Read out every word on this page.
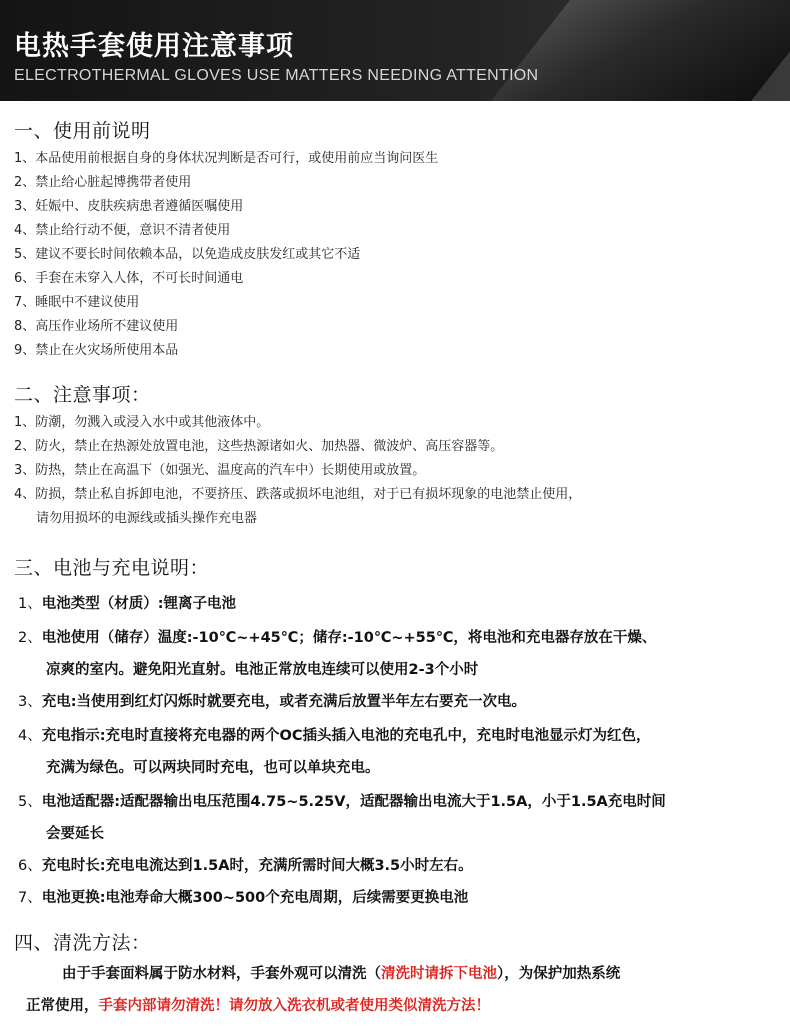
电热手套使用注意事项
ELECTROTHERMAL GLOVES USE MATTERS NEEDING ATTENTION
一、使用前说明
1、本品使用前根据自身的身体状况判断是否可行，或使用前应当询问医生
2、禁止给心脏起博携带者使用
3、妊娠中、皮肤疾病患者遵循医嘱使用
4、禁止给行动不便，意识不清者使用
5、建议不要长时间依赖本品，以免造成皮肤发红或其它不适
6、手套在未穿入人体，不可长时间通电
7、睡眠中不建议使用
8、高压作业场所不建议使用
9、禁止在火灾场所使用本品
二、注意事项：
1、防潮，勿溅入或浸入水中或其他液体中。
2、防火，禁止在热源处放置电池，这些热源诸如火、加热器、微波炉、高压容器等。
3、防热，禁止在高温下（如强光、温度高的汽车中）长期使用或放置。
4、防损，禁止私自拆卸电池，不要挤压、跌落或损坏电池组，对于已有损坏现象的电池禁止使用，
请勿用损坏的电源线或插头操作充电器
三、电池与充电说明：
1、电池类型（材质）:锂离子电池
2、电池使用（储存）温度:-10℃~+45℃；储存:-10℃~+55℃，将电池和充电器存放在干燥、
凉爽的室内。避免阳光直射。电池正常放电连续可以使用2-3个小时
3、充电:当使用到红灯闪烁时就要充电，或者充满后放置半年左右要充一次电。
4、充电指示:充电时直接将充电器的两个OC插头插入电池的充电孔中，充电时电池显示灯为红色，
充满为绿色。可以两块同时充电，也可以单块充电。
5、电池适配器:适配器输出电压范围4.75~5.25V，适配器输出电流大于1.5A，小于1.5A充电时间
会要延长
6、充电时长:充电电流达到1.5A时，充满所需时间大概3.5小时左右。
7、电池更换:电池寿命大概300~500个充电周期，后续需要更换电池
四、清洗方法：
由于手套面料属于防水材料，手套外观可以清洗（清洗时请拆下电池），为保护加热系统
正常使用，手套内部请勿清洗！请勿放入洗衣机或者使用类似清洗方法！
